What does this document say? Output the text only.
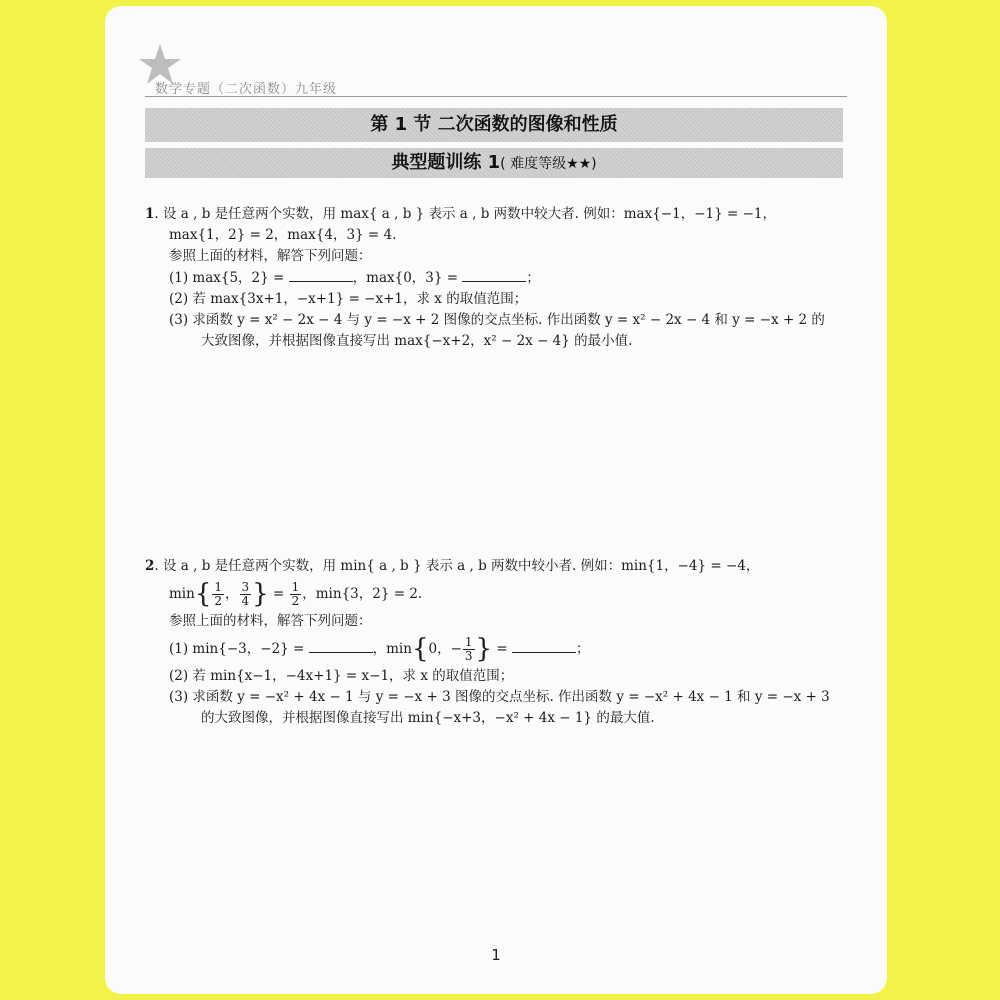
数学专题（二次函数）九年级
第 1 节 二次函数的图像和性质
典型题训练 1( 难度等级★★)
1. 设 a , b 是任意两个实数，用 max{ a , b } 表示 a , b 两数中较大者. 例如：max{−1，−1} = −1，
max{1，2} = 2，max{4，3} = 4.
参照上面的材料，解答下列问题：
(1) max{5，2} =	，max{0，3} =	；
(2) 若 max{3x+1，−x+1} = −x+1，求 x 的取值范围；
(3) 求函数 y = x² − 2x − 4 与 y = −x + 2 图像的交点坐标. 作出函数 y = x² − 2x − 4 和 y = −x + 2 的
大致图像，并根据图像直接写出 max{−x+2，x² − 2x − 4} 的最小值.
2. 设 a , b 是任意两个实数，用 min{ a , b } 表示 a , b 两数中较小者. 例如：min{1，−4} = −4，
$\min\{ \frac{1}{2}$ ， $\frac{3}{4}$ } = $\frac{1}{2}$ ，min{3，2} = 2.
参照上面的材料，解答下列问题：
(1) min{−3，−2} =	，min{0，− $\frac{1}{3}$ } =	；
(2) 若 min{x−1，−4x+1} = x−1，求 x 的取值范围；
(3) 求函数 y = −x² + 4x − 1 与 y = −x + 3 图像的交点坐标. 作出函数 y = −x² + 4x − 1 和 y = −x + 3
的大致图像，并根据图像直接写出 min{−x+3，−x² + 4x − 1} 的最大值.
1
